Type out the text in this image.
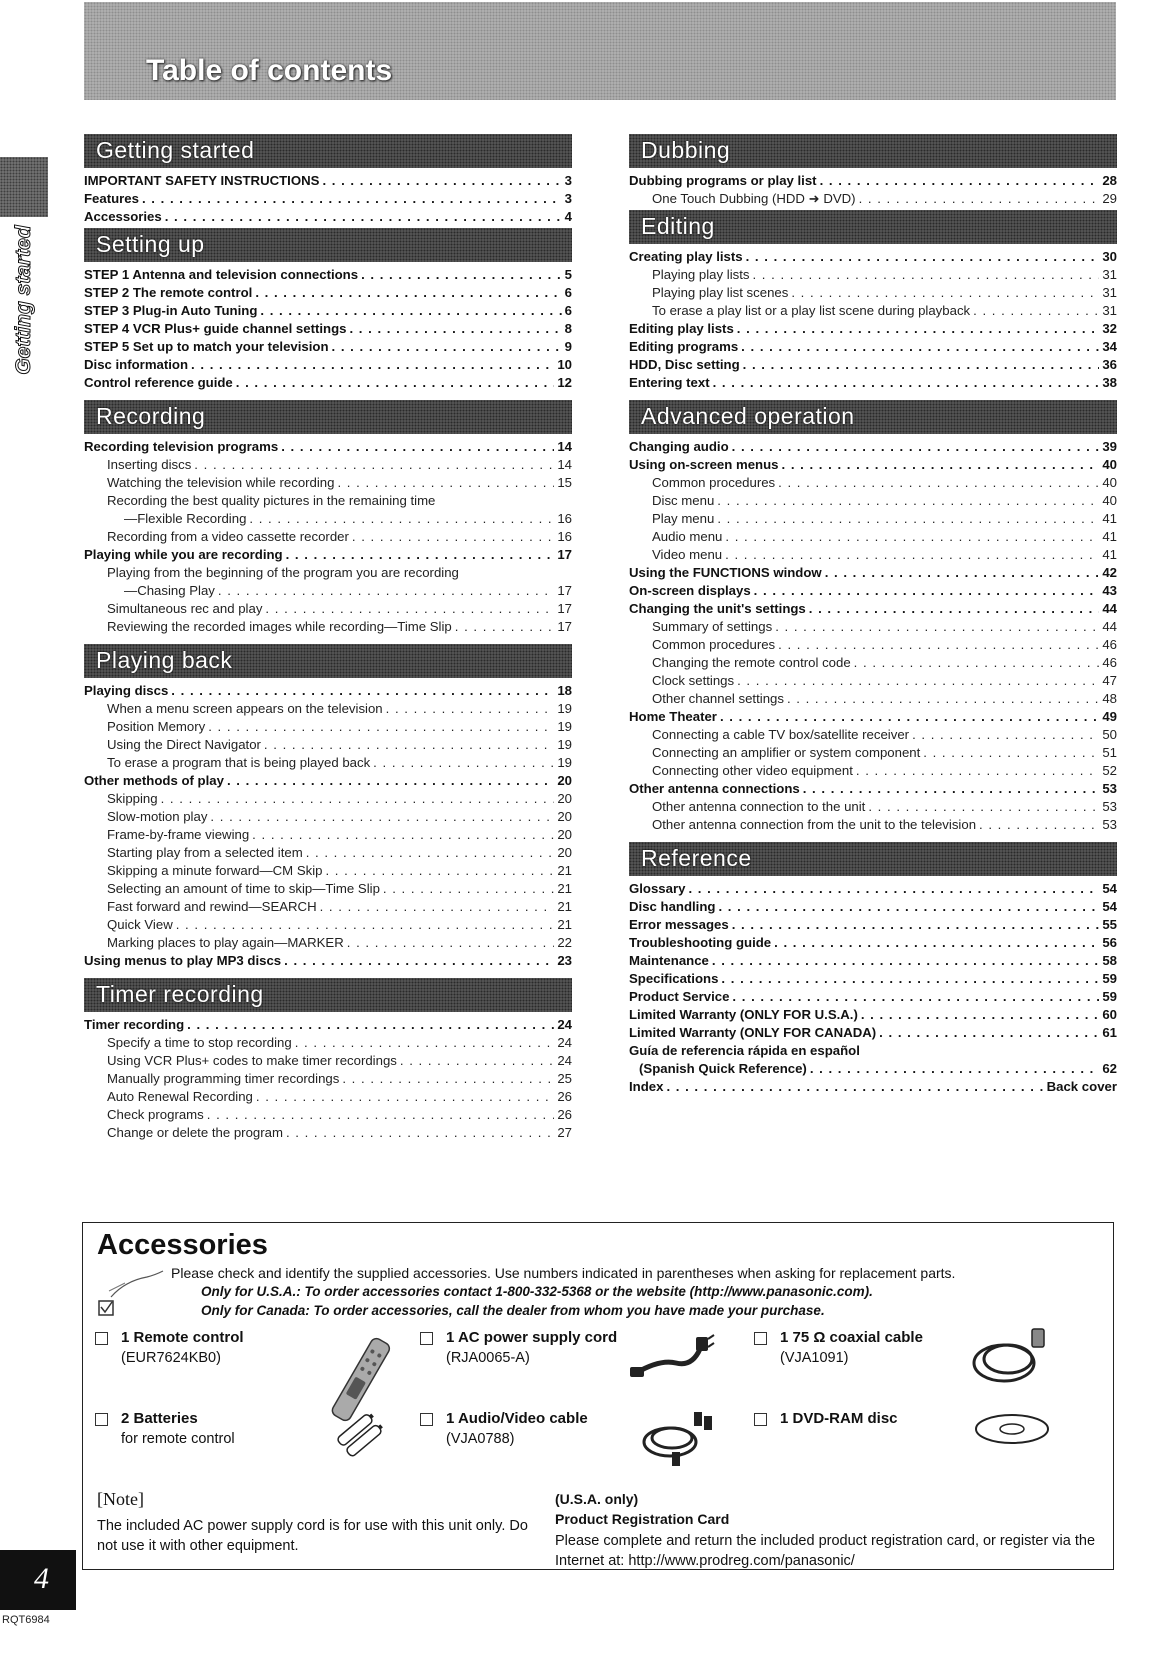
Table of contents
Getting started
Getting started
IMPORTANT SAFETY INSTRUCTIONS . . .	3
Features . . .	3
Accessories . . .	4
Setting up
STEP 1 Antenna and television connections . . .	5
STEP 2 The remote control . . .	6
STEP 3 Plug-in Auto Tuning . . .	6
STEP 4 VCR Plus+ guide channel settings . . .	8
STEP 5 Set up to match your television . . .	9
Disc information . . .	10
Control reference guide . . .	12
Recording
Recording television programs . . .	14
Inserting discs . . .	14
Watching the television while recording . . .	15
Recording the best quality pictures in the remaining time
—Flexible Recording . . .	16
Recording from a video cassette recorder . . .	16
Playing while you are recording . . .	17
Playing from the beginning of the program you are recording
—Chasing Play . . .	17
Simultaneous rec and play . . .	17
Reviewing the recorded images while recording—Time Slip . . .	17
Playing back
Playing discs . . .	18
When a menu screen appears on the television . . .	19
Position Memory . . .	19
Using the Direct Navigator . . .	19
To erase a program that is being played back . . .	19
Other methods of play . . .	20
Skipping . . .	20
Slow-motion play . . .	20
Frame-by-frame viewing . . .	20
Starting play from a selected item . . .	20
Skipping a minute forward—CM Skip . . .	21
Selecting an amount of time to skip—Time Slip . . .	21
Fast forward and rewind—SEARCH . . .	21
Quick View . . .	21
Marking places to play again—MARKER . . .	22
Using menus to play MP3 discs . . .	23
Timer recording
Timer recording . . .	24
Specify a time to stop recording . . .	24
Using VCR Plus+ codes to make timer recordings . . .	24
Manually programming timer recordings . . .	25
Auto Renewal Recording . . .	26
Check programs . . .	26
Change or delete the program . . .	27
Dubbing
Dubbing programs or play list . . .	28
One Touch Dubbing (HDD ➜ DVD) . . .	29
Editing
Creating play lists . . .	30
Playing play lists . . .	31
Playing play list scenes . . .	31
To erase a play list or a play list scene during playback . . .	31
Editing play lists . . .	32
Editing programs . . .	34
HDD, Disc setting . . .	36
Entering text . . .	38
Advanced operation
Changing audio . . .	39
Using on-screen menus . . .	40
Common procedures . . .	40
Disc menu . . .	40
Play menu . . .	41
Audio menu . . .	41
Video menu . . .	41
Using the FUNCTIONS window . . .	42
On-screen displays . . .	43
Changing the unit's settings . . .	44
Summary of settings . . .	44
Common procedures . . .	46
Changing the remote control code . . .	46
Clock settings . . .	47
Other channel settings . . .	48
Home Theater . . .	49
Connecting a cable TV box/satellite receiver . . .	50
Connecting an amplifier or system component . . .	51
Connecting other video equipment . . .	52
Other antenna connections . . .	53
Other antenna connection to the unit . . .	53
Other antenna connection from the unit to the television . . .	53
Reference
Glossary . . .	54
Disc handling . . .	54
Error messages . . .	55
Troubleshooting guide . . .	56
Maintenance . . .	58
Specifications . . .	59
Product Service . . .	59
Limited Warranty (ONLY FOR U.S.A.) . . .	60
Limited Warranty (ONLY FOR CANADA) . . .	61
Guía de referencia rápida en español
(Spanish Quick Reference) . . .	62
Index . . .	Back cover
Accessories
Please check and identify the supplied accessories. Use numbers indicated in parentheses when asking for replacement parts.
Only for U.S.A.: To order accessories contact 1-800-332-5368 or the website (http://www.panasonic.com).
Only for Canada: To order accessories, call the dealer from whom you have made your purchase.
1 Remote control
(EUR7624KB0)
1 AC power supply cord
(RJA0065-A)
1 75 Ω coaxial cable
(VJA1091)
2 Batteries
for remote control
1 Audio/Video cable
(VJA0788)
1 DVD-RAM disc
[Note]
The included AC power supply cord is for use with this unit only. Do not use it with other equipment.
(U.S.A. only)
Product Registration Card
Please complete and return the included product registration card, or register via the Internet at: http://www.prodreg.com/panasonic/
4
RQT6984
